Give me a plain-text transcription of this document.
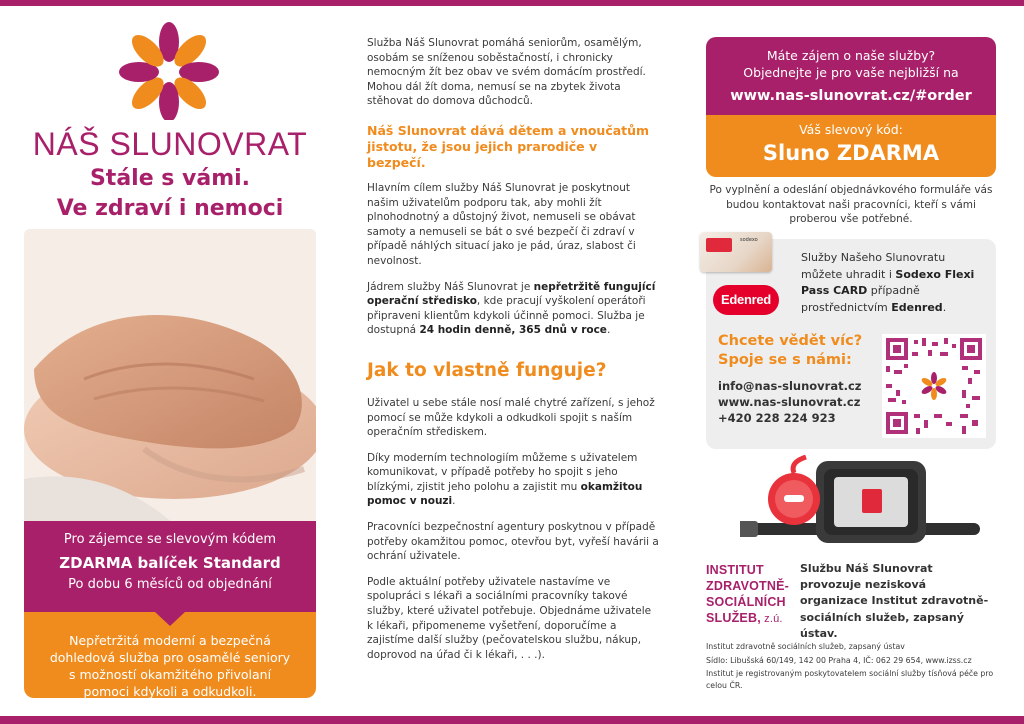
NÁŠ SLUNOVRAT
Stále s vámi.
Ve zdraví i nemoci
Pro zájemce se slevovým kódem
ZDARMA balíček Standard
Po dobu 6 měsíců od objednání
Nepřetržitá moderní a bezpečná
dohledová služba pro osamělé seniory
s možností okamžitého přivolaní
pomoci kdykoli a odkudkoli.

Služba Náš Slunovrat pomáhá seniorům, osamělým, osobám se sníženou soběstačností, i chronicky nemocným žít bez obav ve svém domácím prostředí. Mohou dál žít doma, nemusí se na zbytek života stěhovat do domova důchodců.

Náš Slunovrat dává dětem a vnoučatům jistotu, že jsou jejich prarodiče v bezpečí.

Hlavním cílem služby Náš Slunovrat je poskytnout našim uživatelům podporu tak, aby mohli žít plnohodnotný a důstojný život, nemuseli se obávat samoty a nemuseli se bát o své bezpečí či zdraví v případě náhlých situací jako je pád, úraz, slabost či nevolnost.

Jádrem služby Náš Slunovrat je nepřetržitě fungující operační středisko, kde pracují vyškolení operátoři připraveni klientům kdykoli účinně pomoci. Služba je dostupná 24 hodin denně, 365 dnů v roce.

Jak to vlastně funguje?

Uživatel u sebe stále nosí malé chytré zařízení, s jehož pomocí se může kdykoli a odkudkoli spojit s naším operačním střediskem.

Díky moderním technologiím můžeme s uživatelem komunikovat, v případě potřeby ho spojit s jeho blízkými, zjistit jeho polohu a zajistit mu okamžitou pomoc v nouzi.

Pracovníci bezpečnostní agentury poskytnou v případě potřeby okamžitou pomoc, otevřou byt, vyřeší havárii a ochrání uživatele.

Podle aktuální potřeby uživatele nastavíme ve spolupráci s lékaři a sociálními pracovníky takové služby, které uživatel potřebuje. Objednáme uživatele k lékaři, připomeneme vyšetření, doporučíme a zajistíme další služby (pečovatelskou službu, nákup, doprovod na úřad či k lékaři, . . .).

Máte zájem o naše služby?
Objednejte je pro vaše nejbližší na
www.nas-slunovrat.cz/#order
Váš slevový kód:
Sluno ZDARMA
Po vyplnění a odeslání objednávkového formuláře vás budou kontaktovat naši pracovníci, kteří s vámi proberou vše potřebné.
sodexo
Edenred
Služby Našeho Slunovratu můžete uhradit i Sodexo Flexi Pass CARD případně prostřednictvím Edenred.
Chcete vědět víc?
Spoje se s námi:
info@nas-slunovrat.cz
www.nas-slunovrat.cz
+420 228 224 923
INSTITUT
ZDRAVOTNĚ-
SOCIÁLNÍCH
SLUŽEB, z.ú.
Službu Náš Slunovrat provozuje nezisková organizace Institut zdravotně-sociálních služeb, zapsaný ústav.

Institut zdravotně sociálních služeb, zapsaný ústav

Sídlo: Libušská 60/149, 142 00 Praha 4, IČ: 062 29 654, www.izss.cz

Institut je registrovaným poskytovatelem sociální služby tísňová péče pro celou ČR.
